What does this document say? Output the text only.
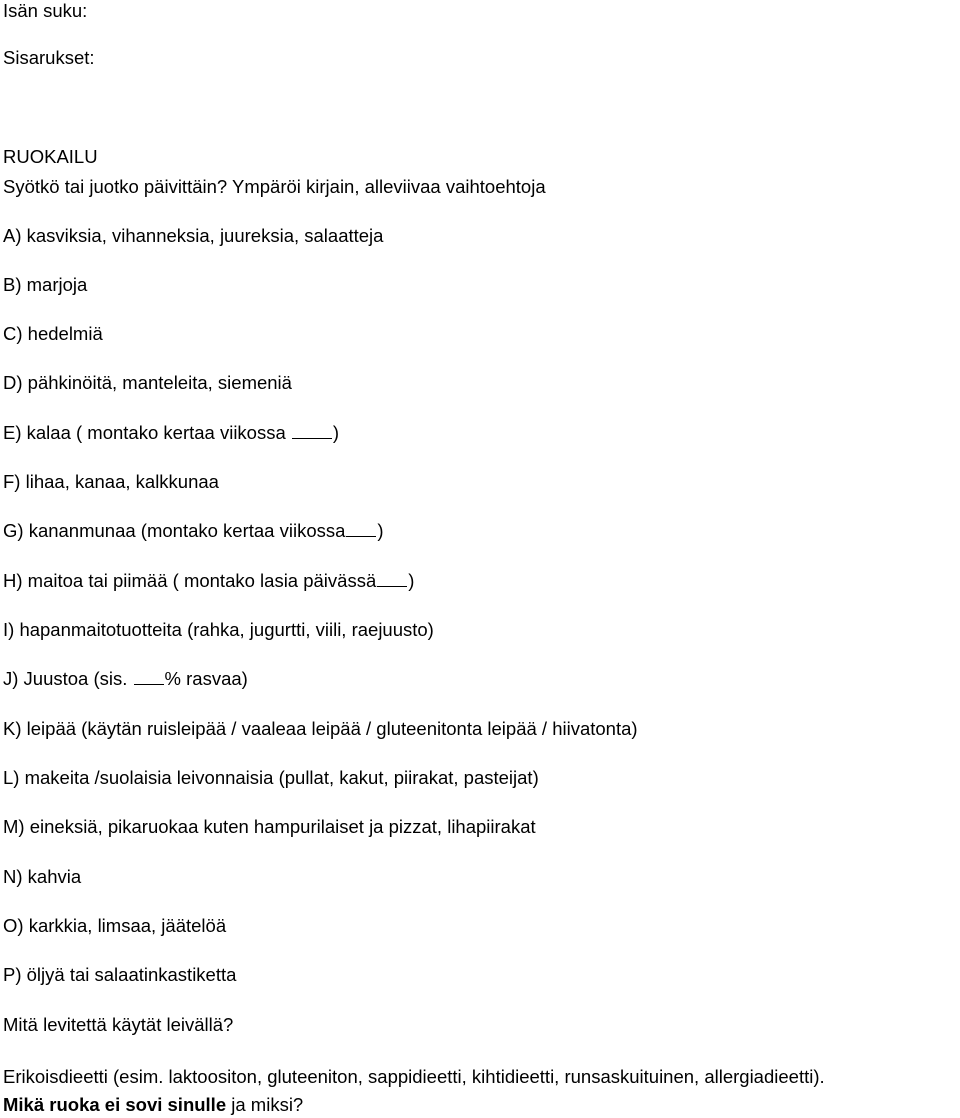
Isän suku:
Sisarukset:
RUOKAILU
Syötkö tai juotko päivittäin? Ympäröi kirjain, alleviivaa vaihtoehtoja
A) kasviksia, vihanneksia, juureksia, salaatteja
B) marjoja
C) hedelmiä
D) pähkinöitä, manteleita, siemeniä
E) kalaa ( montako kertaa viikossa )
F) lihaa, kanaa, kalkkunaa
G) kananmunaa (montako kertaa viikossa )
H) maitoa tai piimää ( montako lasia päivässä )
I) hapanmaitotuotteita (rahka, jugurtti, viili, raejuusto)
J) Juustoa (sis. % rasvaa)
K) leipää (käytän ruisleipää / vaaleaa leipää / gluteenitonta leipää / hiivatonta)
L) makeita /suolaisia leivonnaisia (pullat, kakut, piirakat, pasteijat)
M) eineksiä, pikaruokaa kuten hampurilaiset ja pizzat, lihapiirakat
N) kahvia
O) karkkia, limsaa, jäätelöä
P) öljyä tai salaatinkastiketta
Mitä levitettä käytät leivällä?
Erikoisdieetti (esim. laktoositon, gluteeniton, sappidieetti, kihtidieetti, runsaskuituinen, allergiadieetti).
Mikä ruoka ei sovi sinulle ja miksi?
